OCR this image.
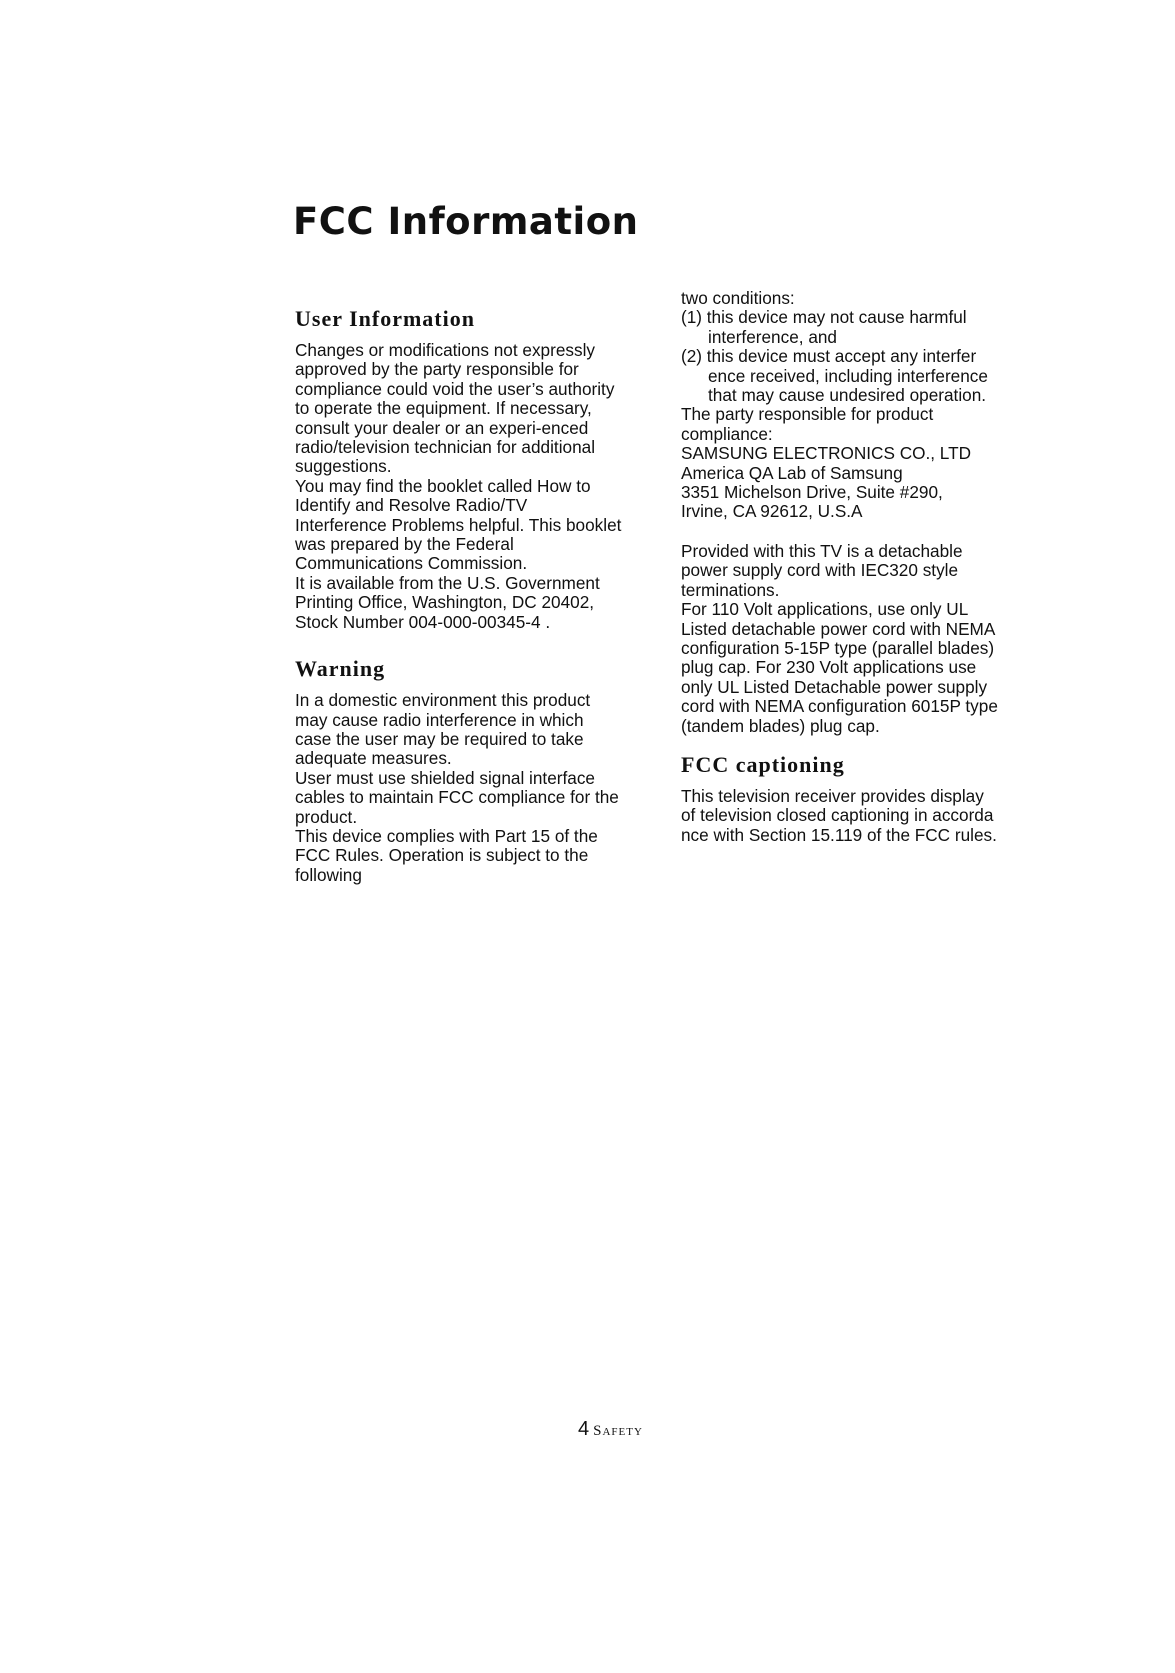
FCC Information
User Information

Changes or modifications not expressly
approved by the party responsible for
compliance could void the user’s authority
to operate the equipment. If necessary,
consult your dealer or an experi-enced
radio/television technician for additional
suggestions.
You may find the booklet called How to
Identify and Resolve Radio/TV
Interference Problems helpful. This booklet
was prepared by the Federal
Communications Commission.
It is available from the U.S. Government
Printing Office, Washington, DC 20402,
Stock Number 004-000-00345-4 .

Warning

In a domestic environment this product
may cause radio interference in which
case the user may be required to take
adequate measures.
User must use shielded signal interface
cables to maintain FCC compliance for the
product.
This device complies with Part 15 of the
FCC Rules. Operation is subject to the
following

two conditions:

(1) this device may not cause harmful
interference, and
(2) this device must accept any interfer
ence received, including interference
that may cause undesired operation.

The party responsible for product
compliance:
SAMSUNG ELECTRONICS CO., LTD
America QA Lab of Samsung
3351 Michelson Drive, Suite #290,
Irvine, CA 92612, U.S.A

Provided with this TV is a detachable
power supply cord with IEC320 style
terminations.
For 110 Volt applications, use only UL
Listed detachable power cord with NEMA
configuration 5-15P type (parallel blades)
plug cap. For 230 Volt applications use
only UL Listed Detachable power supply
cord with NEMA configuration 6015P type
(tandem blades) plug cap.

FCC captioning

This television receiver provides display
of television closed captioning in accorda
nce with Section 15.119 of the FCC rules.

4 Safety
